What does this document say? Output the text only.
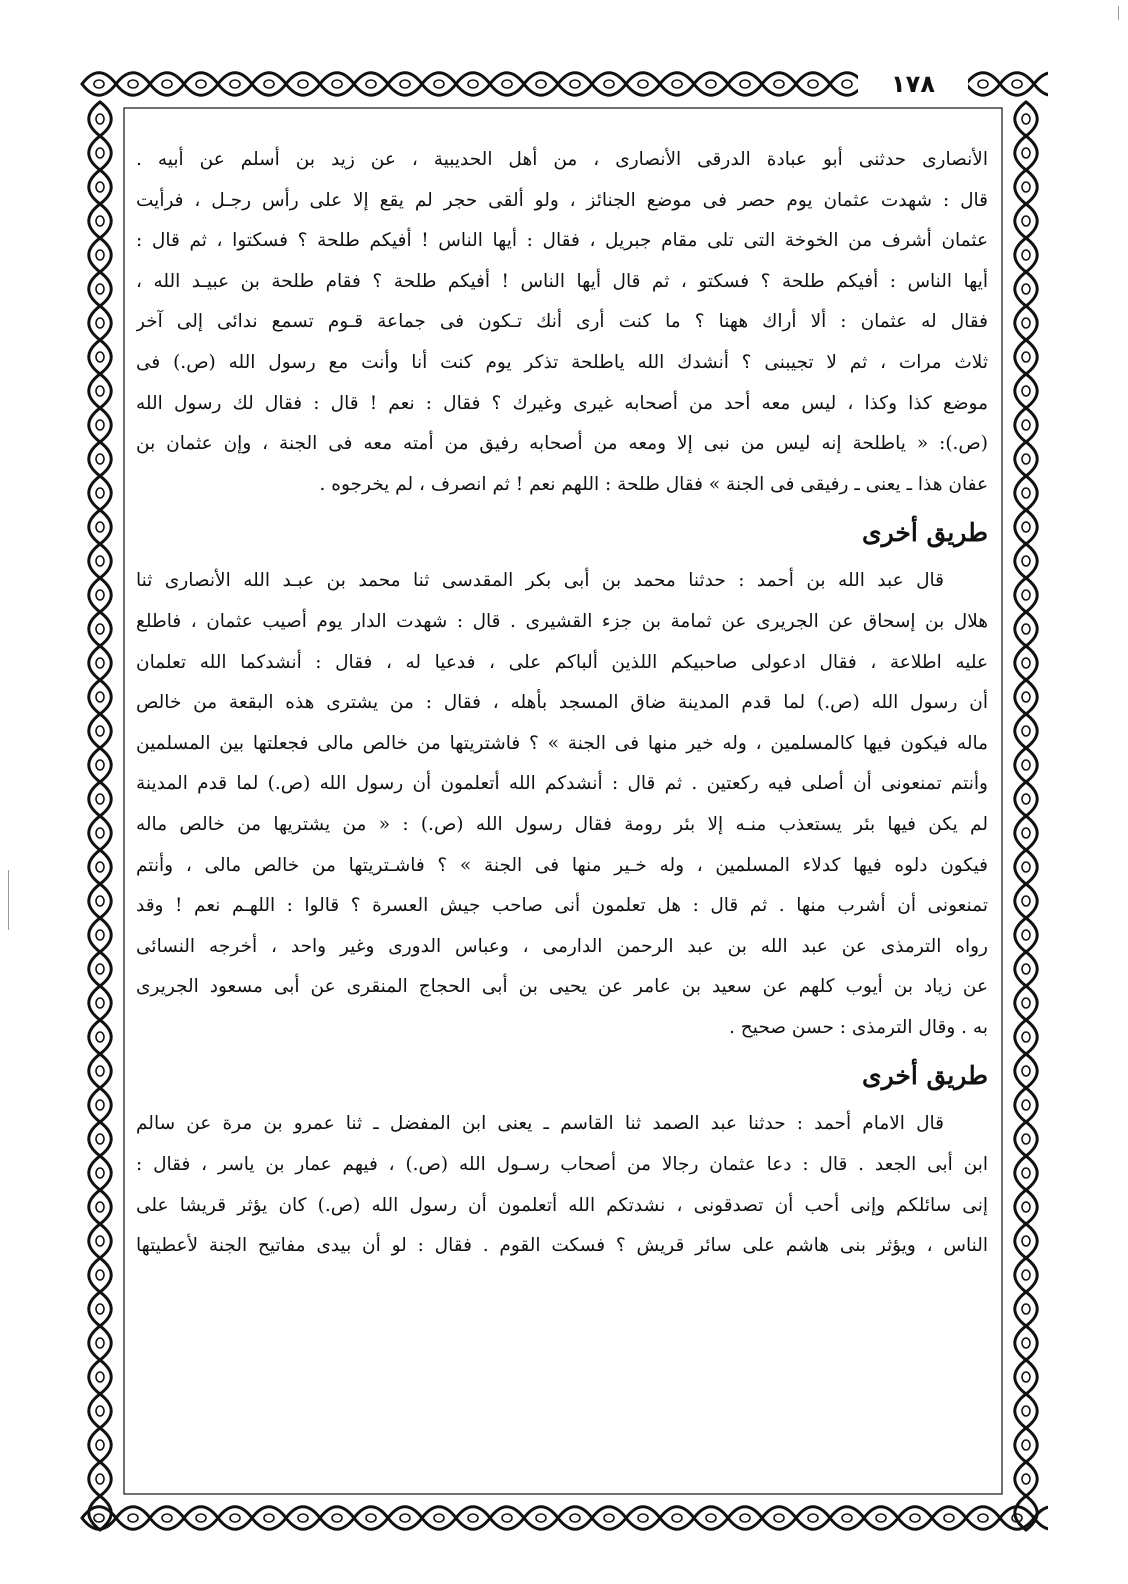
١٧٨

الأنصارى حدثنى أبو عبادة الدرقى الأنصارى ، من أهل الحديبية ، عن زيد بن أسلم عن أبيه .
قال : شهدت عثمان يوم حصر فى موضع الجنائز ، ولو ألقى حجر لم يقع إلا على رأس رجـل ، فرأيت
عثمان أشرف من الخوخة التى تلى مقام جبريل ، فقال : أيها الناس ! أفيكم طلحة ؟ فسكتوا ، ثم قال :
أيها الناس : أفيكم طلحة ؟ فسكتو ، ثم قال أيها الناس ! أفيكم طلحة ؟ فقام طلحة بن عبيـد الله ،
فقال له عثمان : ألا أراك ههنا ؟ ما كنت أرى أنك تـكون فى جماعة قـوم تسمع ندائى إلى آخر
ثلاث مرات ، ثم لا تجيبنى ؟ أنشدك الله ياطلحة تذكر يوم كنت أنا وأنت مع رسول الله (ص.) فى
موضع كذا وكذا ، ليس معه أحد من أصحابه غيرى وغيرك ؟ فقال : نعم ! قال : فقال لك رسول الله
(ص.): « ياطلحة إنه ليس من نبى إلا ومعه من أصحابه رفيق من أمته معه فى الجنة ، وإن عثمان بن
عفان هذا ـ يعنى ـ رفيقى فى الجنة » فقال طلحة : اللهم نعم ! ثم انصرف ، لم يخرجوه .

طريق أخرى

قال عبد الله بن أحمد : حدثنا محمد بن أبى بكر المقدسى ثنا محمد بن عبـد الله الأنصارى ثنا
هلال بن إسحاق عن الجريرى عن ثمامة بن جزء القشيرى . قال : شهدت الدار يوم أصيب عثمان ، فاطلع
عليه اطلاعة ، فقال ادعولى صاحبيكم اللذين ألباكم على ، فدعيا له ، فقال : أنشدكما الله تعلمان
أن رسول الله (ص.) لما قدم المدينة ضاق المسجد بأهله ، فقال : من يشترى هذه البقعة من خالص
ماله فيكون فيها كالمسلمين ، وله خير منها فى الجنة » ؟ فاشتريتها من خالص مالى فجعلتها بين المسلمين
وأنتم تمنعونى أن أصلى فيه ركعتين . ثم قال : أنشدكم الله أتعلمون أن رسول الله (ص.) لما قدم المدينة
لم يكن فيها بئر يستعذب منـه إلا بئر رومة فقال رسول الله (ص.) : « من يشتريها من خالص ماله
فيكون دلوه فيها كدلاء المسلمين ، وله خـير منها فى الجنة » ؟ فاشـتريتها من خالص مالى ، وأنتم
تمنعونى أن أشرب منها . ثم قال : هل تعلمون أنى صاحب جيش العسرة ؟ قالوا : اللهـم نعم ! وقد
رواه الترمذى عن عبد الله بن عبد الرحمن الدارمى ، وعباس الدورى وغير واحد ، أخرجه النسائى
عن زياد بن أيوب كلهم عن سعيد بن عامر عن يحيى بن أبى الحجاج المنقرى عن أبى مسعود الجريرى
به . وقال الترمذى : حسن صحيح .

طريق أخرى

قال الامام أحمد : حدثنا عبد الصمد ثنا القاسم ـ يعنى ابن المفضل ـ ثنا عمرو بن مرة عن سالم
ابن أبى الجعد . قال : دعا عثمان رجالا من أصحاب رسـول الله (ص.) ، فيهم عمار بن ياسر ، فقال :
إنى سائلكم وإنى أحب أن تصدقونى ، نشدتكم الله أتعلمون أن رسول الله (ص.) كان يؤثر قريشا على
الناس ، ويؤثر بنى هاشم على سائر قريش ؟ فسكت القوم . فقال : لو أن بيدى مفاتيح الجنة لأعطيتها
